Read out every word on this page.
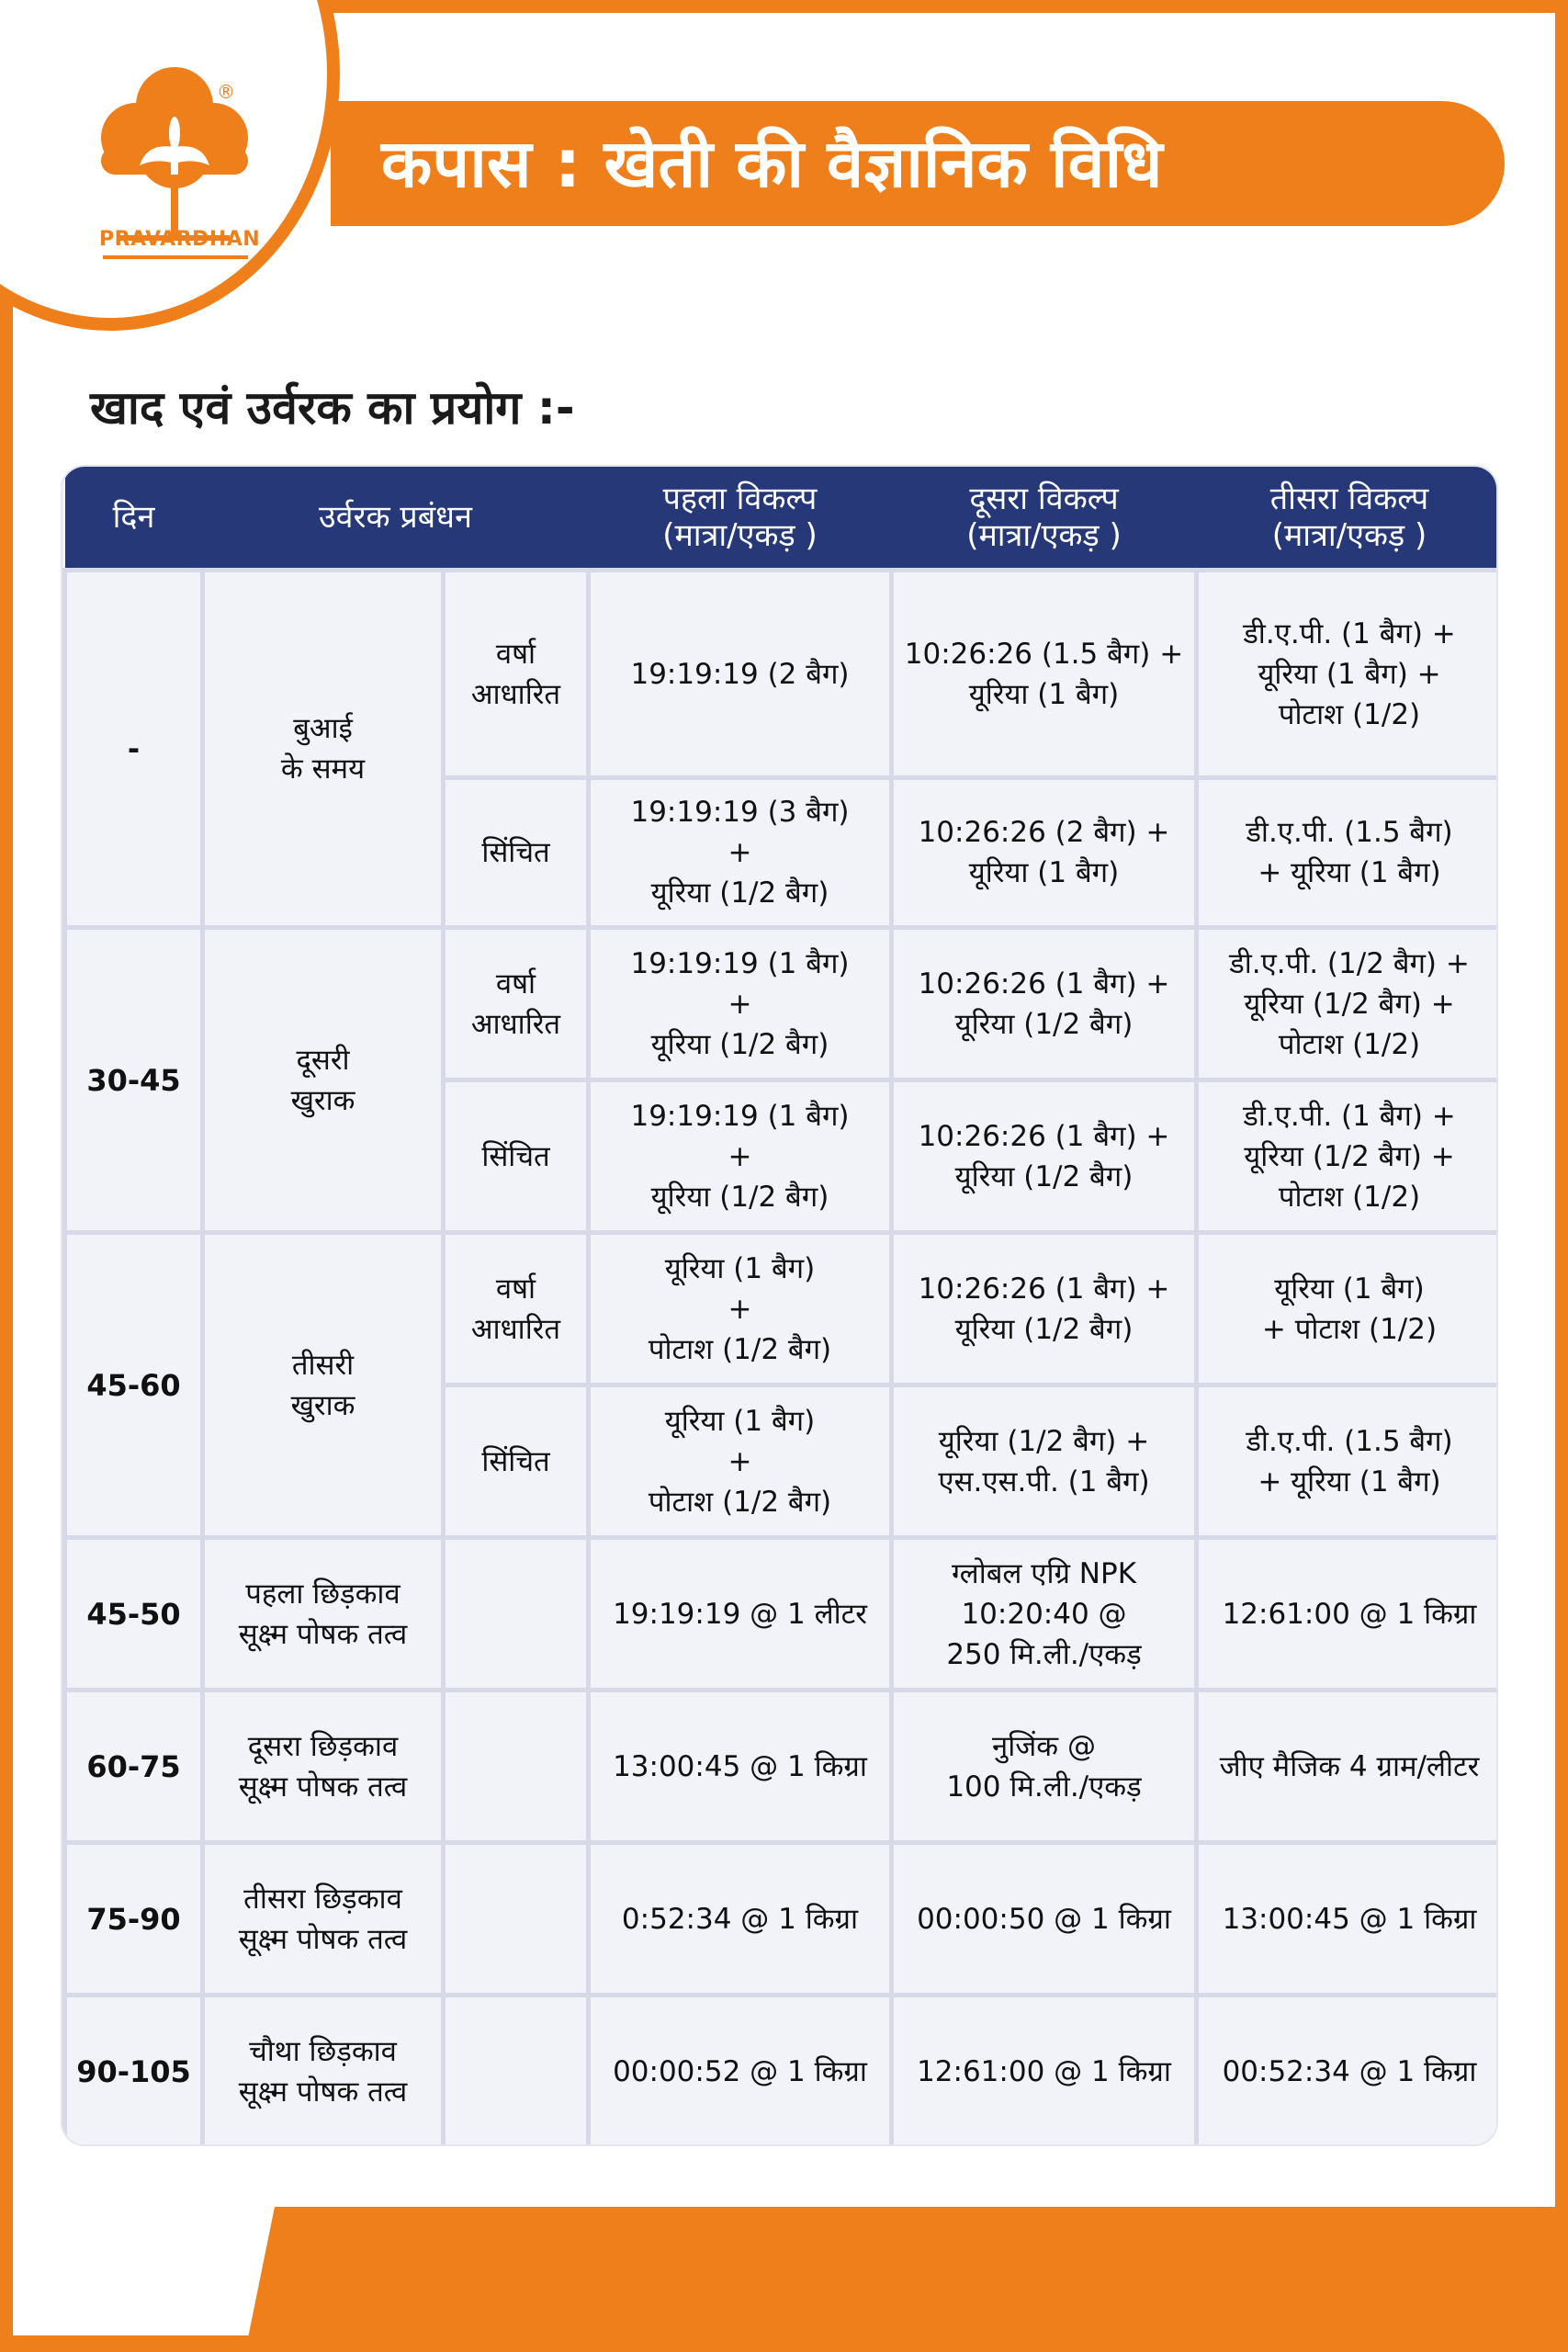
कपास : खेती की वैज्ञानिक विधि
®
PRAVARDHAN
खाद एवं उर्वरक का प्रयोग :-
दिन	उर्वरक प्रबंधन		पहला विकल्प
(मात्रा/एकड़ )	दूसरा विकल्प
(मात्रा/एकड़ )	तीसरा विकल्प
(मात्रा/एकड़ )

-	बुआई
के समय	वर्षा
आधारित	19:19:19 (2 बैग)	10:26:26 (1.5 बैग) +
यूरिया (1 बैग)	डी.ए.पी. (1 बैग) +
यूरिया (1 बैग) +
पोटाश (1/2)

		सिंचित	19:19:19 (3 बैग)
+
यूरिया (1/2 बैग)	10:26:26 (2 बैग) +
यूरिया (1 बैग)	डी.ए.पी. (1.5 बैग)
+ यूरिया (1 बैग)

30-45	दूसरी
खुराक	वर्षा
आधारित	19:19:19 (1 बैग)
+
यूरिया (1/2 बैग)	10:26:26 (1 बैग) +
यूरिया (1/2 बैग)	डी.ए.पी. (1/2 बैग) +
यूरिया (1/2 बैग) +
पोटाश (1/2)

		सिंचित	19:19:19 (1 बैग)
+
यूरिया (1/2 बैग)	10:26:26 (1 बैग) +
यूरिया (1/2 बैग)	डी.ए.पी. (1 बैग) +
यूरिया (1/2 बैग) +
पोटाश (1/2)

45-60	तीसरी
खुराक	वर्षा
आधारित	यूरिया (1 बैग)
+
पोटाश (1/2 बैग)	10:26:26 (1 बैग) +
यूरिया (1/2 बैग)	यूरिया (1 बैग)
+ पोटाश (1/2)

		सिंचित	यूरिया (1 बैग)
+
पोटाश (1/2 बैग)	यूरिया (1/2 बैग) +
एस.एस.पी. (1 बैग)	डी.ए.पी. (1.5 बैग)
+ यूरिया (1 बैग)

45-50	पहला छिड़काव
सूक्ष्म पोषक तत्व		19:19:19 @ 1 लीटर	ग्लोबल एग्रि NPK
10:20:40 @
250 मि.ली./एकड़	12:61:00 @ 1 किग्रा

60-75	दूसरा छिड़काव
सूक्ष्म पोषक तत्व		13:00:45 @ 1 किग्रा	नुजिंक @
100 मि.ली./एकड़	जीए मैजिक 4 ग्राम/लीटर

75-90	तीसरा छिड़काव
सूक्ष्म पोषक तत्व		0:52:34 @ 1 किग्रा	00:00:50 @ 1 किग्रा	13:00:45 @ 1 किग्रा

90-105	चौथा छिड़काव
सूक्ष्म पोषक तत्व		00:00:52 @ 1 किग्रा	12:61:00 @ 1 किग्रा	00:52:34 @ 1 किग्रा
